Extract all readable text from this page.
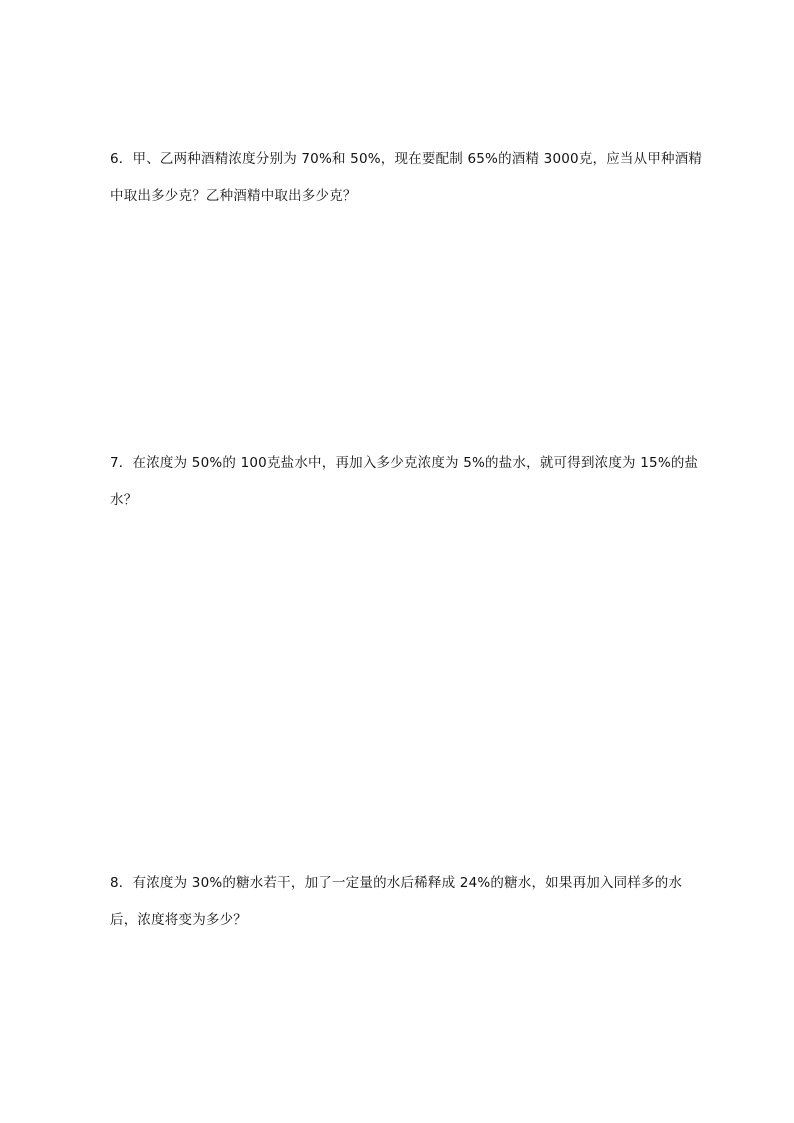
6．甲、乙两种酒精浓度分别为 70%和 50%，现在要配制 65%的酒精 3000克，应当从甲种酒精
中取出多少克？乙种酒精中取出多少克？
7．在浓度为 50%的 100克盐水中，再加入多少克浓度为 5%的盐水，就可得到浓度为 15%的盐
水？
8．有浓度为 30%的糖水若干，加了一定量的水后稀释成 24%的糖水，如果再加入同样多的水
后，浓度将变为多少？
